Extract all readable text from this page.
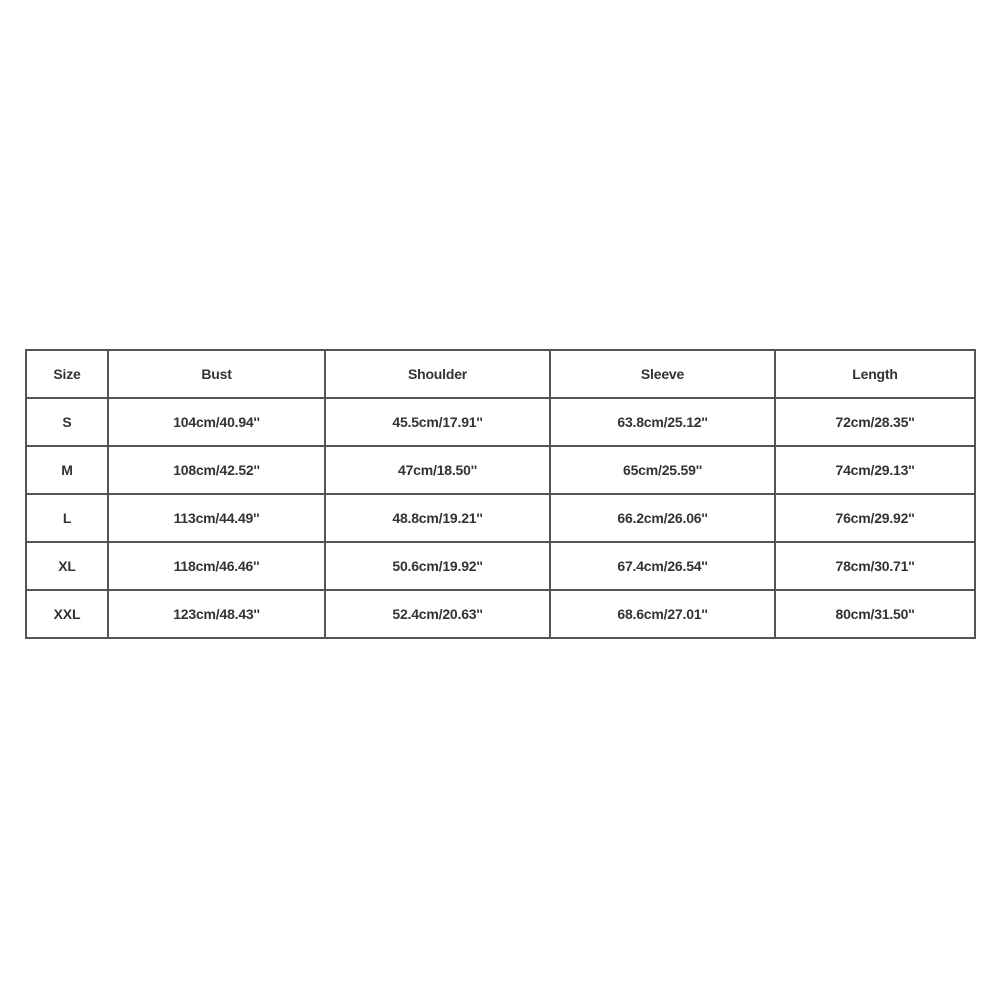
Size	Bust	Shoulder	Sleeve	Length
S	104cm/40.94''	45.5cm/17.91''	63.8cm/25.12''	72cm/28.35''
M	108cm/42.52''	47cm/18.50''	65cm/25.59''	74cm/29.13''
L	113cm/44.49''	48.8cm/19.21''	66.2cm/26.06''	76cm/29.92''
XL	118cm/46.46''	50.6cm/19.92''	67.4cm/26.54''	78cm/30.71''
XXL	123cm/48.43''	52.4cm/20.63''	68.6cm/27.01''	80cm/31.50''
